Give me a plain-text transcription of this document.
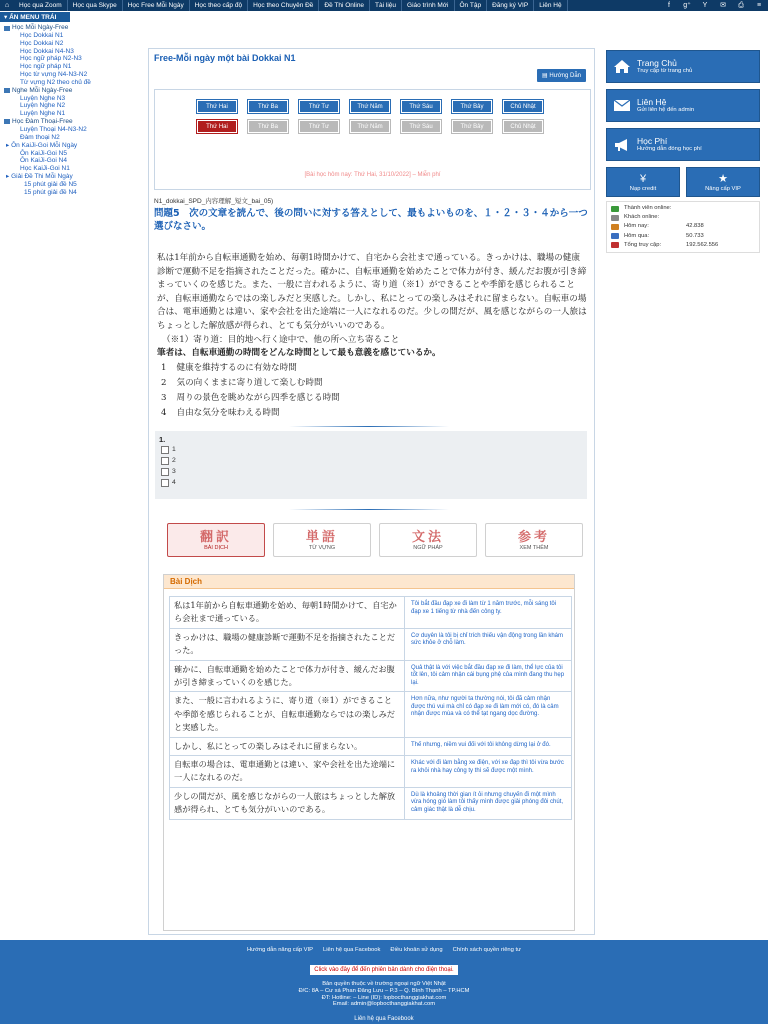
⌂	Học qua Zoom	Học qua Skype	Học Free Mỗi Ngày	Học theo cấp độ	Học theo Chuyên Đề	Đề Thi Online	Tài liệu	Giáo trình Mới	Ôn Tập	Đăng ký VIP	Liên Hệ	f	g⁺	Y	✉	⎙	≡
▾ ẨN MENU TRÁI
Học Mỗi Ngày-Free
Học Dokkai N1
Học Dokkai N2
Học Dokkai N4-N3
Học ngữ pháp N2-N3
Học ngữ pháp N1
Học từ vựng N4-N3-N2
Từ vựng N2 theo chủ đề
Nghe Mỗi Ngày-Free
Luyện Nghe N3
Luyện Nghe N2
Luyện Nghe N1
Học Đàm Thoại-Free
Luyện Thoại N4-N3-N2
Đàm thoại N2
▸ Ôn KaiJi-Goi Mỗi Ngày
Ôn KaiJi-Goi N5
Ôn KaiJi-Goi N4
Học KaiJi-Goi N1
▸ Giải Đề Thi Mỗi Ngày
15 phút giải đề N5
15 phút giải đề N4
Free-Mỗi ngày một bài Dokkai N1
▤ Hướng Dẫn
Thứ Hai	Thứ Ba	Thứ Tư	Thứ Năm	Thứ Sáu	Thứ Bảy	Chủ Nhật
Thứ Hai	Thứ Ba	Thứ Tư	Thứ Năm	Thứ Sáu	Thứ Bảy	Chủ Nhật
[Bài học hôm nay: Thứ Hai, 31/10/2022] – Miễn phí
N1_dokkai_SPD_内容理解_短文_bai_05)
問題5　次の文章を読んで、後の問いに対する答えとして、最もよいものを、１・２・３・４から一つ選びなさい。

私は1年前から自転車通勤を始め、毎朝1時間かけて、自宅から会社まで通っている。きっかけは、職場の健康診断で運動不足を指摘されたことだった。確かに、自転車通勤を始めたことで体力が付き、緩んだお腹が引き締まっていくのを感じた。また、一般に言われるように、寄り道（※1）ができることや季節を感じられることが、自転車通勤ならではの楽しみだと実感した。しかし、私にとっての楽しみはそれに留まらない。自転車の場合は、電車通勤とは違い、家や会社を出た途端に一人になれるのだ。少しの間だが、風を感じながらの一人旅はちょっとした解放感が得られ、とても気分がいいのである。

（※1）寄り道：目的地へ行く途中で、他の所へ立ち寄ること

筆者は、自転車通勤の時間をどんな時間として最も意義を感じているか。

1 健康を維持するのに有効な時間
2 気の向くままに寄り道して楽しむ時間
3 周りの景色を眺めながら四季を感じる時間
4 自由な気分を味わえる時間
1.
1
2
3
4
翻訳
BÀI DỊCH
単語
TỪ VỰNG
文法
NGỮ PHÁP
参考
XEM THÊM
Bài Dịch
私は1年前から自転車通勤を始め、毎朝1時間かけて、自宅から会社まで通っている。	Tôi bắt đầu đạp xe đi làm từ 1 năm trước, mỗi sáng tôi đạp xe 1 tiếng từ nhà đến công ty.
きっかけは、職場の健康診断で運動不足を指摘されたことだった。	Cơ duyên là tôi bị chỉ trích thiếu vận động trong lần khám sức khỏe ở chỗ làm.
確かに、自転車通勤を始めたことで体力が付き、緩んだお腹が引き締まっていくのを感じた。	Quả thật là với việc bắt đầu đạp xe đi làm, thể lực của tôi tốt lên, tôi cảm nhận cái bụng phệ của mình đang thu hẹp lại.
また、一般に言われるように、寄り道（※1）ができることや季節を感じられることが、自転車通勤ならではの楽しみだと実感した。	Hơn nữa, như người ta thường nói, tôi đã cảm nhận được thú vui mà chỉ có đạp xe đi làm mới có, đó là cảm nhận được mùa và có thể tạt ngang dọc đường.
しかし、私にとっての楽しみはそれに留まらない。	Thế nhưng, niềm vui đối với tôi không dừng lại ở đó.
自転車の場合は、電車通勤とは違い、家や会社を出た途端に一人になれるのだ。	Khác với đi làm bằng xe điện, với xe đạp thì tôi vừa bước ra khỏi nhà hay công ty thì sẽ được một mình.
少しの間だが、風を感じながらの一人旅はちょっとした解放感が得られ、とても気分がいいのである。	Dù là khoảng thời gian ít ỏi nhưng chuyến đi một mình vừa hóng gió làm tôi thấy mình được giải phóng đôi chút, cảm giác thật là dễ chịu.
Trang Chủ
Truy cập từ trang chủ
Liên Hệ
Gửi liên hệ đến admin
Học Phí
Hướng dẫn đóng học phí
¥
Nạp credit
★
Nâng cấp VIP
Thành viên online:
Khách online:
Hôm nay:	42.838
Hôm qua:	50.733
Tổng truy cập:	192.562.556
Hướng dẫn nâng cấp VIP Liên hệ qua Facebook Điều khoản sử dụng Chính sách quyền riêng tư
Click vào đây để đến phiên bản dành cho điện thoại.
Bản quyền thuộc về trường ngoại ngữ Việt Nhật
Đ/C: 8A – Cư xá Phan Đăng Lưu – P.3 – Q. Bình Thạnh – TP.HCM
ĐT: Hotline: – Line (ID): lopbocthanggiakhat.com
Email: admin@lopbocthanggiakhat.com
Liên hệ qua Facebook
